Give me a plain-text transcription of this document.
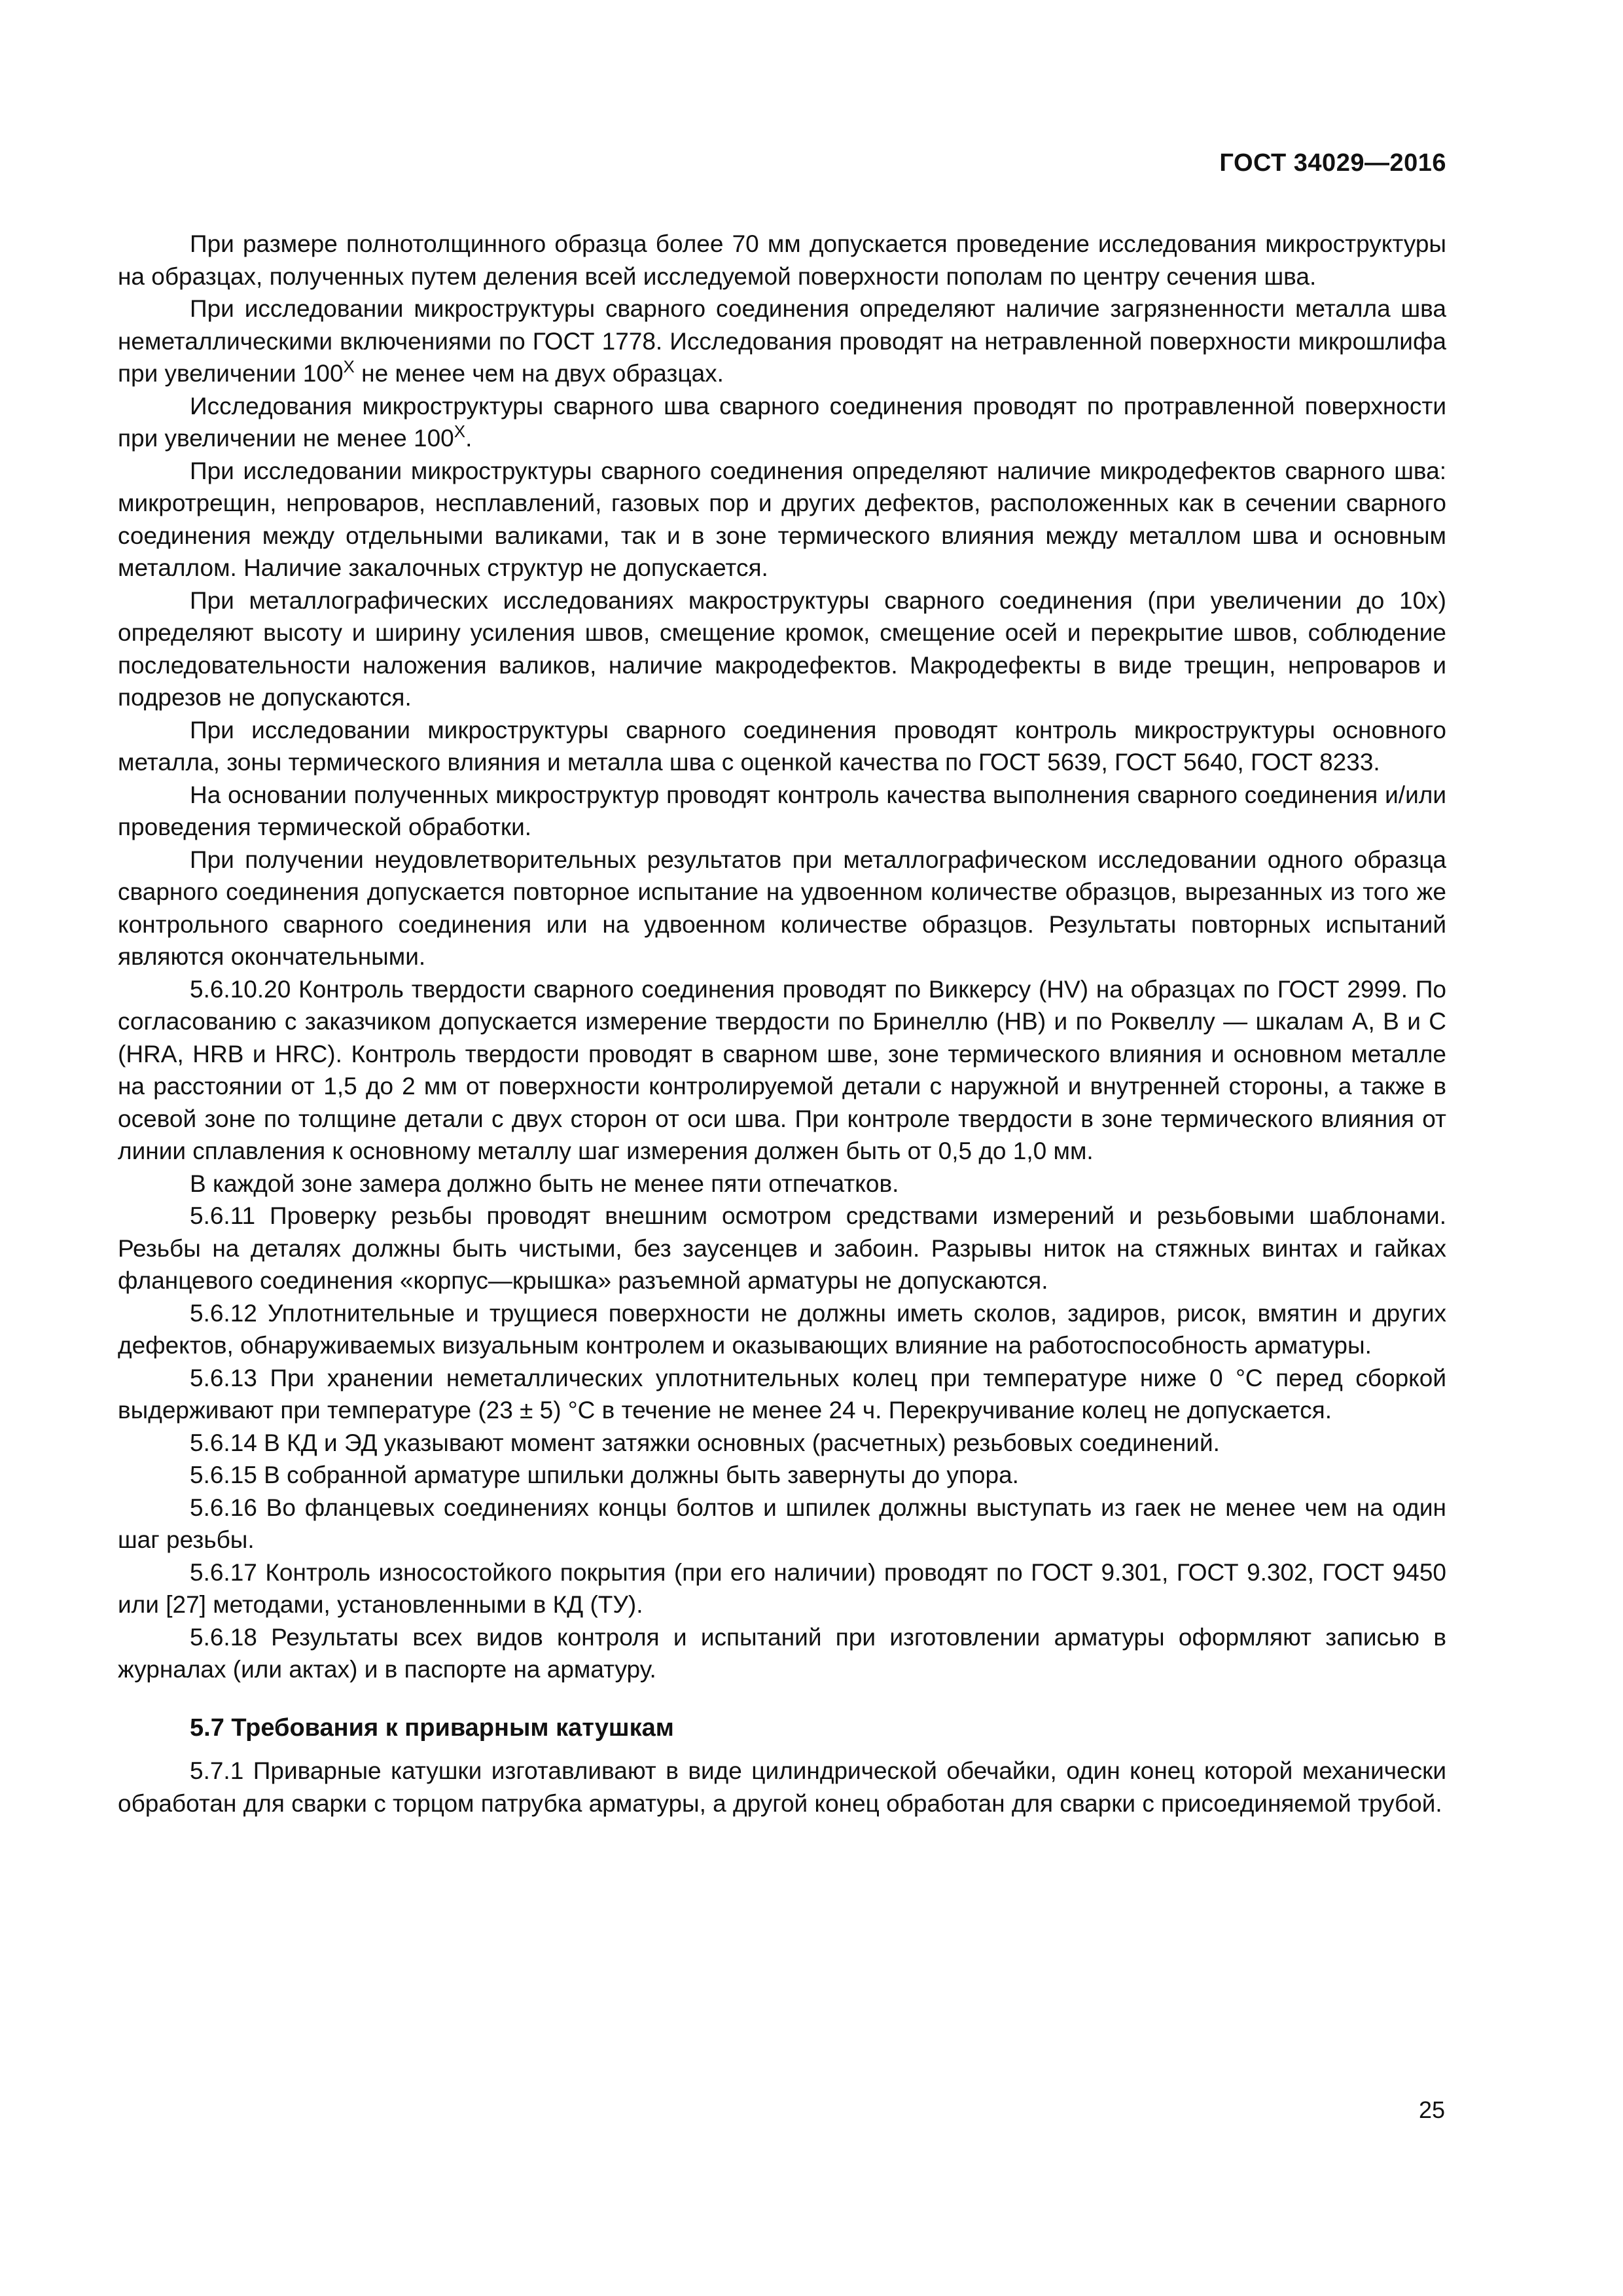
ГОСТ 34029—2016

При размере полнотолщинного образца более 70 мм допускается проведение исследования микроструктуры на образцах, полученных путем деления всей исследуемой поверхности пополам по центру сечения шва.

При исследовании микроструктуры сварного соединения определяют наличие загрязненности металла шва неметаллическими включениями по ГОСТ 1778. Исследования проводят на нетравленной поверхности микрошлифа при увеличении $100^X$ не менее чем на двух образцах.

Исследования микроструктуры сварного шва сварного соединения проводят по протравленной поверхности при увеличении не менее $100^X$.

При исследовании микроструктуры сварного соединения определяют наличие микродефектов сварного шва: микротрещин, непроваров, несплавлений, газовых пор и других дефектов, расположенных как в сечении сварного соединения между отдельными валиками, так и в зоне термического влияния между металлом шва и основным металлом. Наличие закалочных структур не допускается.

При металлографических исследованиях макроструктуры сварного соединения (при увеличении до 10х) определяют высоту и ширину усиления швов, смещение кромок, смещение осей и перекрытие швов, соблюдение последовательности наложения валиков, наличие макродефектов. Макродефекты в виде трещин, непроваров и подрезов не допускаются.

При исследовании микроструктуры сварного соединения проводят контроль микроструктуры основного металла, зоны термического влияния и металла шва с оценкой качества по ГОСТ 5639, ГОСТ 5640, ГОСТ 8233.

На основании полученных микроструктур проводят контроль качества выполнения сварного соединения и/или проведения термической обработки.

При получении неудовлетворительных результатов при металлографическом исследовании одного образца сварного соединения допускается повторное испытание на удвоенном количестве образцов, вырезанных из того же контрольного сварного соединения или на удвоенном количестве образцов. Результаты повторных испытаний являются окончательными.

5.6.10.20 Контроль твердости сварного соединения проводят по Виккерсу (HV) на образцах по ГОСТ 2999. По согласованию с заказчиком допускается измерение твердости по Бринеллю (НВ) и по Роквеллу — шкалам А, В и С (HRA, HRB и HRC). Контроль твердости проводят в сварном шве, зоне термического влияния и основном металле на расстоянии от 1,5 до 2 мм от поверхности контролируемой детали с наружной и внутренней стороны, а также в осевой зоне по толщине детали с двух сторон от оси шва. При контроле твердости в зоне термического влияния от линии сплавления к основному металлу шаг измерения должен быть от 0,5 до 1,0 мм.

В каждой зоне замера должно быть не менее пяти отпечатков.

5.6.11 Проверку резьбы проводят внешним осмотром средствами измерений и резьбовыми шаблонами. Резьбы на деталях должны быть чистыми, без заусенцев и забоин. Разрывы ниток на стяжных винтах и гайках фланцевого соединения «корпус—крышка» разъемной арматуры не допускаются.

5.6.12 Уплотнительные и трущиеся поверхности не должны иметь сколов, задиров, рисок, вмятин и других дефектов, обнаруживаемых визуальным контролем и оказывающих влияние на работоспособность арматуры.

5.6.13 При хранении неметаллических уплотнительных колец при температуре ниже 0 °С перед сборкой выдерживают при температуре (23 ± 5) °С в течение не менее 24 ч. Перекручивание колец не допускается.

5.6.14 В КД и ЭД указывают момент затяжки основных (расчетных) резьбовых соединений.

5.6.15 В собранной арматуре шпильки должны быть завернуты до упора.

5.6.16 Во фланцевых соединениях концы болтов и шпилек должны выступать из гаек не менее чем на один шаг резьбы.

5.6.17 Контроль износостойкого покрытия (при его наличии) проводят по ГОСТ 9.301, ГОСТ 9.302, ГОСТ 9450 или [27] методами, установленными в КД (ТУ).

5.6.18 Результаты всех видов контроля и испытаний при изготовлении арматуры оформляют записью в журналах (или актах) и в паспорте на арматуру.

5.7 Требования к приварным катушкам

5.7.1 Приварные катушки изготавливают в виде цилиндрической обечайки, один конец которой механически обработан для сварки с торцом патрубка арматуры, а другой конец обработан для сварки с присоединяемой трубой.

25
